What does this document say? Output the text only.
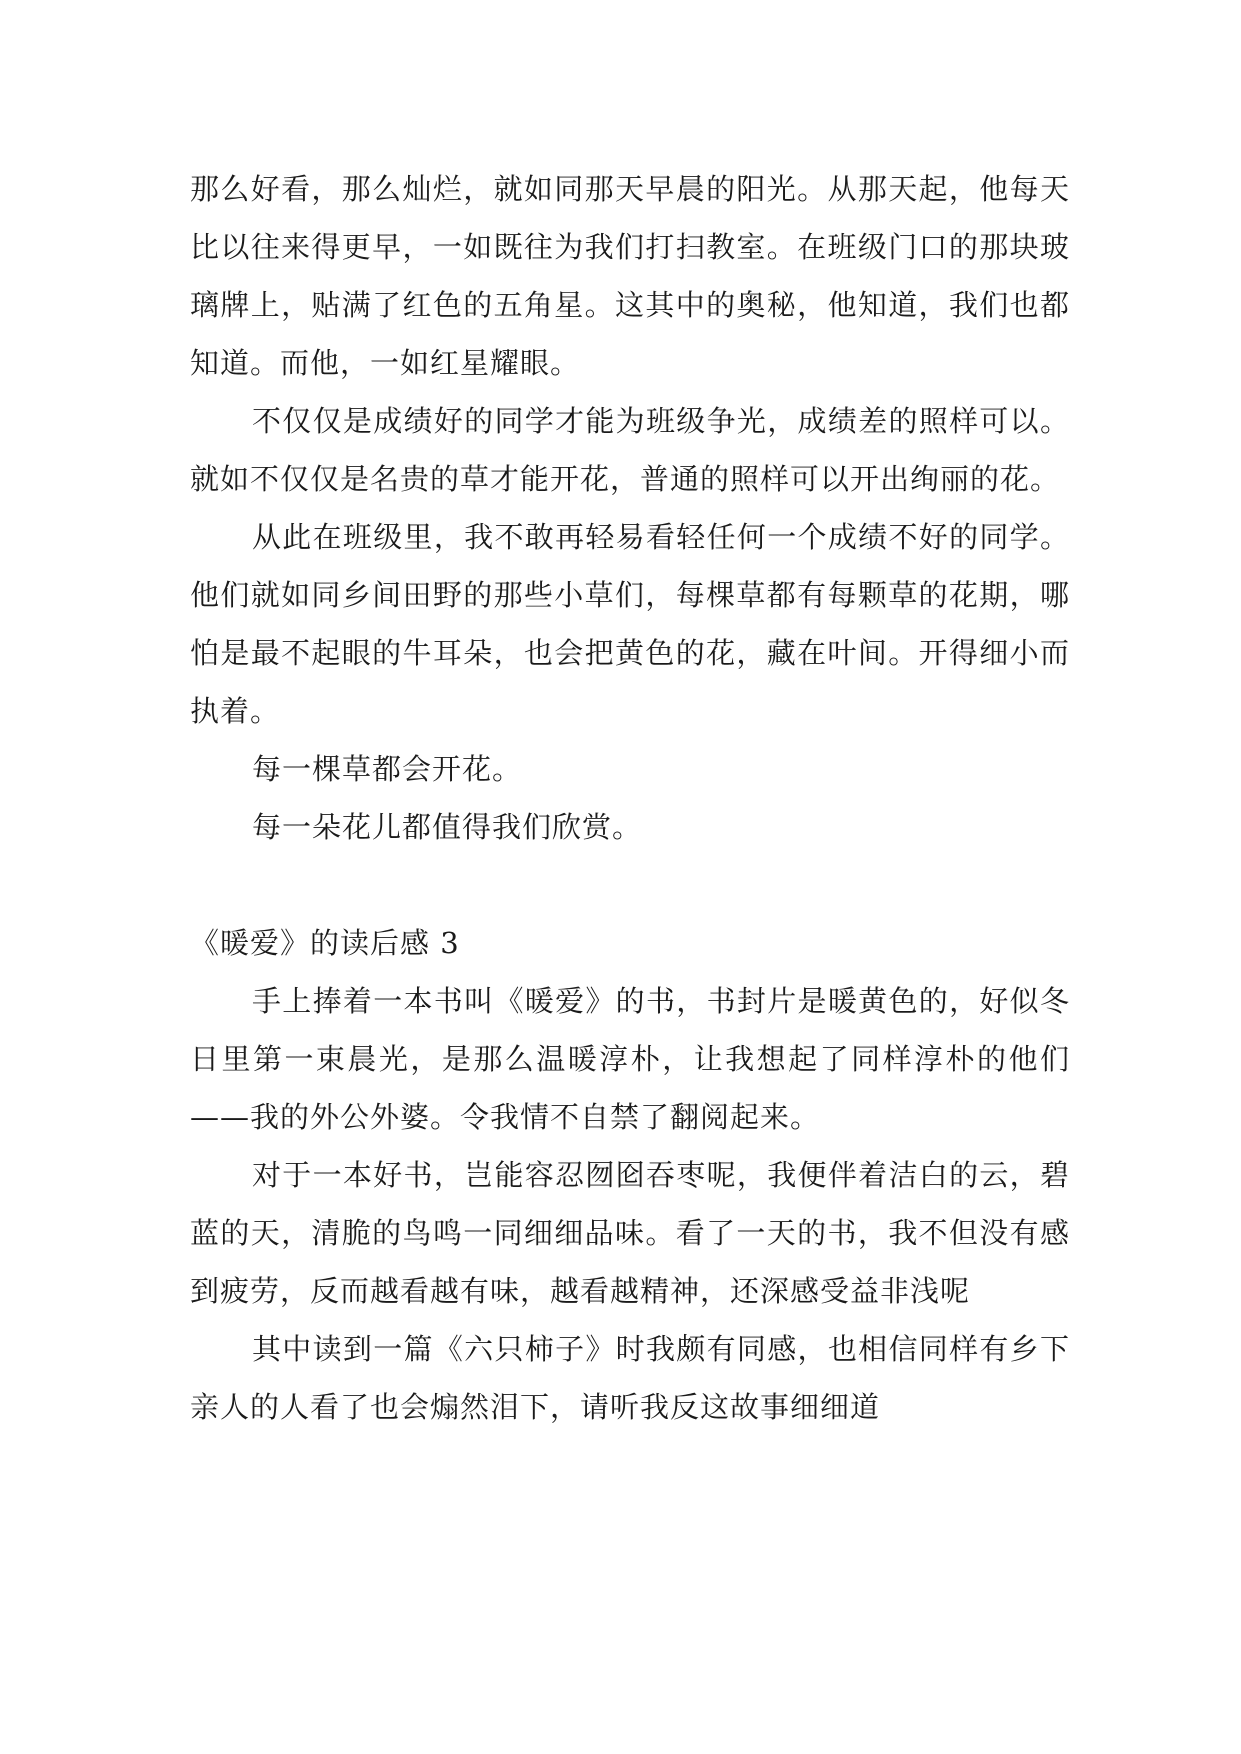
那么好看，那么灿烂，就如同那天早晨的阳光。从那天起，他每天比以往来得更早，一如既往为我们打扫教室。在班级门口的那块玻璃牌上，贴满了红色的五角星。这其中的奥秘，他知道，我们也都知道。而他，一如红星耀眼。

不仅仅是成绩好的同学才能为班级争光，成绩差的照样可以。就如不仅仅是名贵的草才能开花，普通的照样可以开出绚丽的花。

从此在班级里，我不敢再轻易看轻任何一个成绩不好的同学。他们就如同乡间田野的那些小草们，每棵草都有每颗草的花期，哪怕是最不起眼的牛耳朵，也会把黄色的花，藏在叶间。开得细小而执着。

每一棵草都会开花。

每一朵花儿都值得我们欣赏。

《暖爱》的读后感 3

手上捧着一本书叫《暖爱》的书，书封片是暖黄色的，好似冬日里第一束晨光，是那么温暖淳朴，让我想起了同样淳朴的他们——我的外公外婆。令我情不自禁了翻阅起来。

对于一本好书，岂能容忍囫囵吞枣呢，我便伴着洁白的云，碧蓝的天，清脆的鸟鸣一同细细品味。看了一天的书，我不但没有感到疲劳，反而越看越有味，越看越精神，还深感受益非浅呢

其中读到一篇《六只柿子》时我颇有同感，也相信同样有乡下亲人的人看了也会煽然泪下，请听我反这故事细细道
